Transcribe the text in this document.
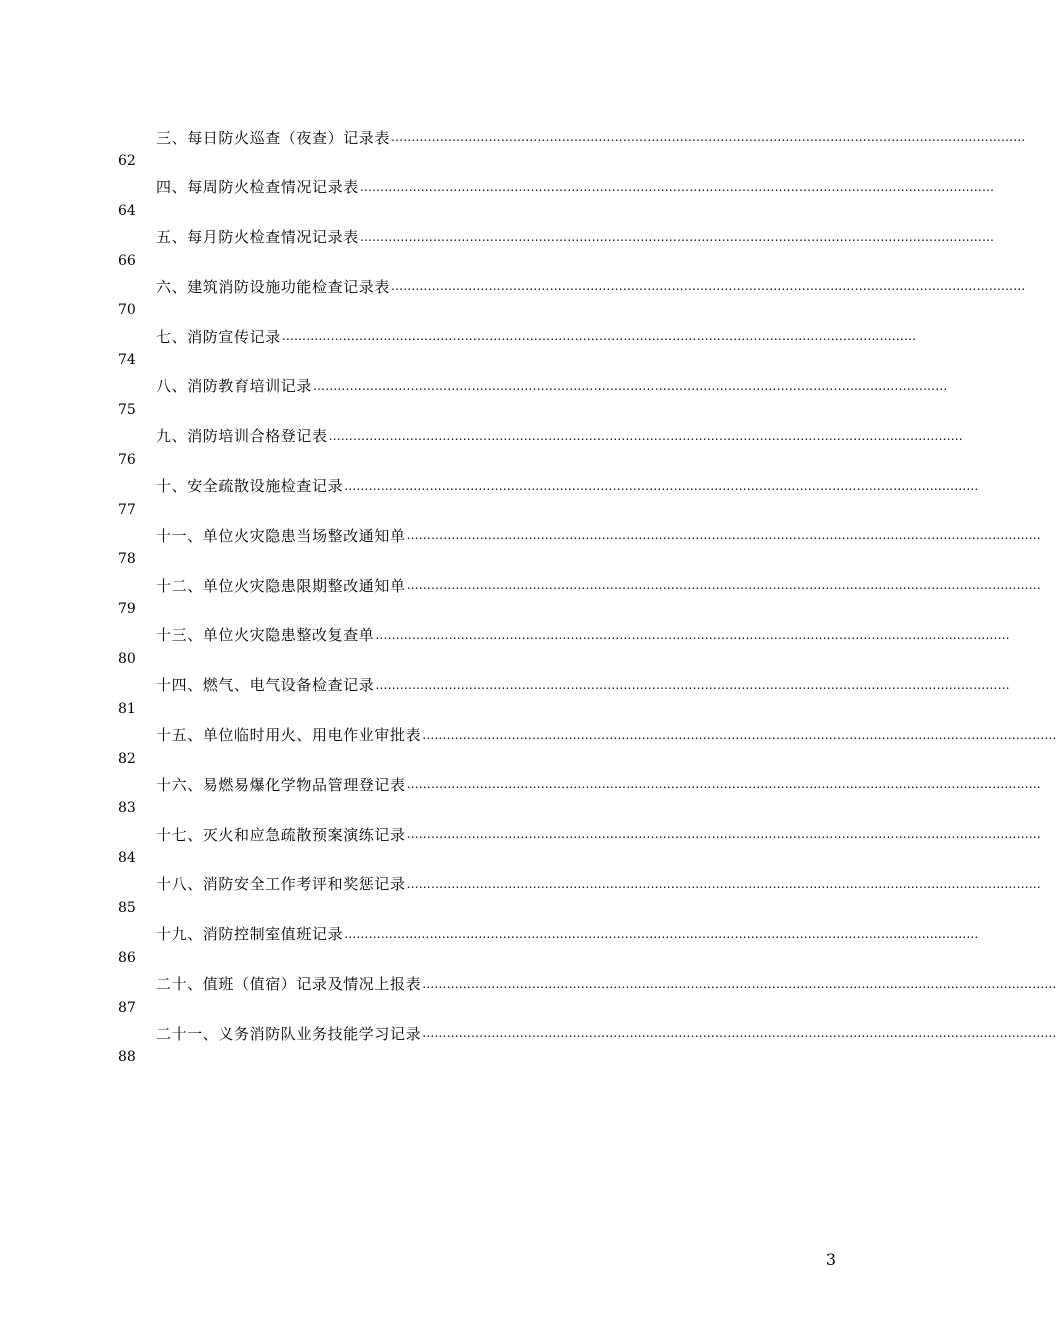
三、每日防火巡查（夜查）记录表 …………………………………………………………………………………………………………………………………………
62
四、每周防火检查情况记录表 …………………………………………………………………………………………………………………………………………
64
五、每月防火检查情况记录表 …………………………………………………………………………………………………………………………………………
66
六、建筑消防设施功能检查记录表 …………………………………………………………………………………………………………………………………………
70
七、消防宣传记录 …………………………………………………………………………………………………………………………………………
74
八、消防教育培训记录 …………………………………………………………………………………………………………………………………………
75
九、消防培训合格登记表 …………………………………………………………………………………………………………………………………………
76
十、安全疏散设施检查记录 …………………………………………………………………………………………………………………………………………
77
十一、单位火灾隐患当场整改通知单 …………………………………………………………………………………………………………………………………………
78
十二、单位火灾隐患限期整改通知单 …………………………………………………………………………………………………………………………………………
79
十三、单位火灾隐患整改复查单 …………………………………………………………………………………………………………………………………………
80
十四、燃气、电气设备检查记录 …………………………………………………………………………………………………………………………………………
81
十五、单位临时用火、用电作业审批表 …………………………………………………………………………………………………………………………………………
82
十六、易燃易爆化学物品管理登记表 …………………………………………………………………………………………………………………………………………
83
十七、灭火和应急疏散预案演练记录 …………………………………………………………………………………………………………………………………………
84
十八、消防安全工作考评和奖惩记录 …………………………………………………………………………………………………………………………………………
85
十九、消防控制室值班记录 …………………………………………………………………………………………………………………………………………
86
二十、值班（值宿）记录及情况上报表 …………………………………………………………………………………………………………………………………………
87
二十一、义务消防队业务技能学习记录 …………………………………………………………………………………………………………………………………………
88
3
